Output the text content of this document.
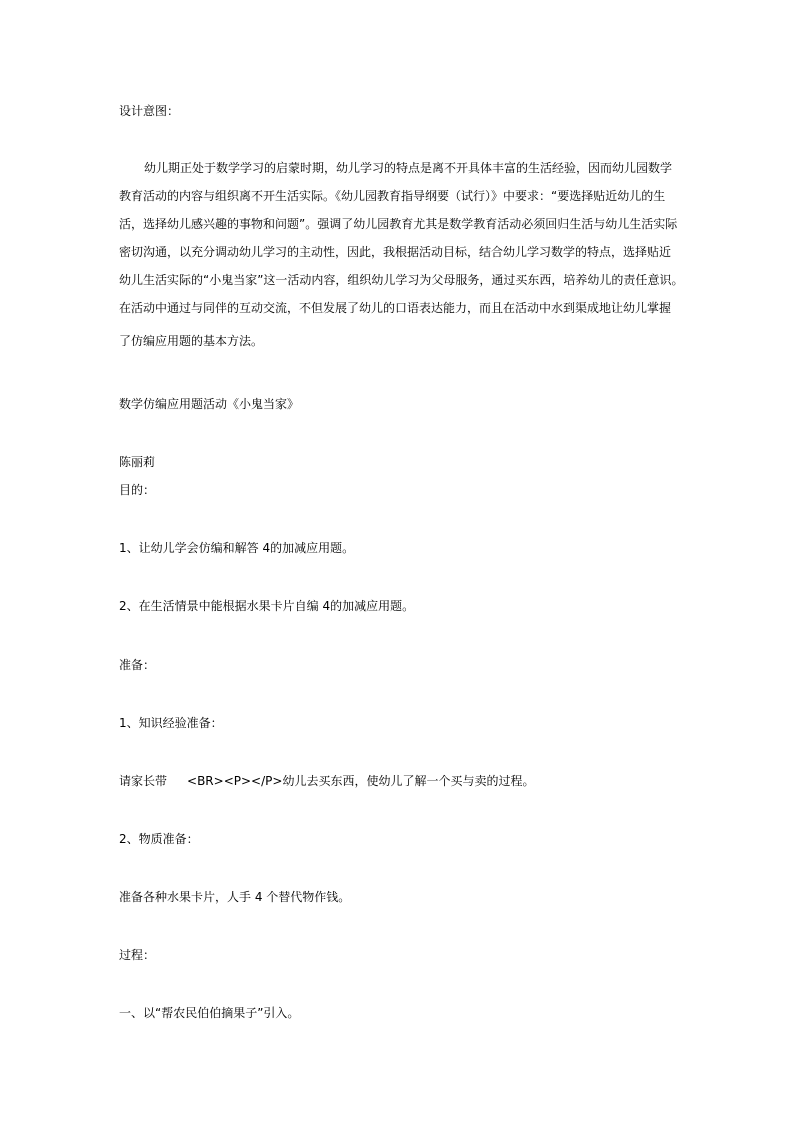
设计意图：
幼儿期正处于数学学习的启蒙时期，幼儿学习的特点是离不开具体丰富的生活经验，因而幼儿园数学
教育活动的内容与组织离不开生活实际。《幼儿园教育指导纲要（试行）》中要求：“要选择贴近幼儿的生
活，选择幼儿感兴趣的事物和问题”。强调了幼儿园教育尤其是数学教育活动必须回归生活与幼儿生活实际
密切沟通，以充分调动幼儿学习的主动性，因此，我根据活动目标，结合幼儿学习数学的特点，选择贴近
幼儿生活实际的“小鬼当家”这一活动内容，组织幼儿学习为父母服务，通过买东西，培养幼儿的责任意识。
在活动中通过与同伴的互动交流，不但发展了幼儿的口语表达能力，而且在活动中水到渠成地让幼儿掌握
了仿编应用题的基本方法。
数学仿编应用题活动《小鬼当家》
陈丽莉
目的：
1、让幼儿学会仿编和解答 4的加减应用题。
2、在生活情景中能根据水果卡片自编 4的加减应用题。
准备：
1、知识经验准备：
请家长带 <BR><P></P>幼儿去买东西，使幼儿了解一个买与卖的过程。
2、物质准备：
准备各种水果卡片，人手 4 个替代物作钱。
过程：
一、以“帮农民伯伯摘果子”引入。
